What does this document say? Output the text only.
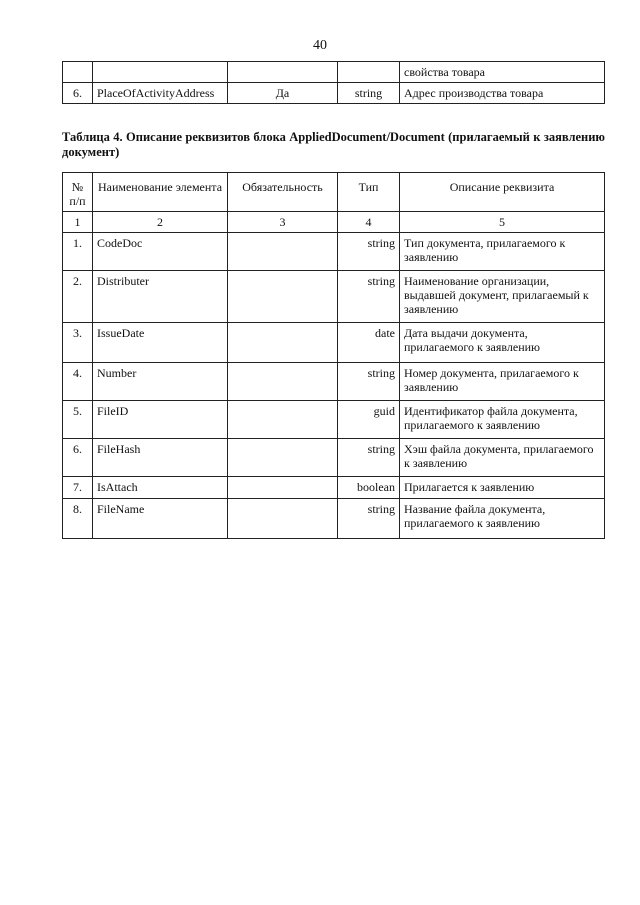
40
				свойства товара
6.	PlaceOfActivityAddress	Да	string	Адрес производства товара
Таблица 4. Описание реквизитов блока AppliedDocument/Document (прилагаемый к заявлению документ)
№ п/п	Наименование элемента	Обязательность	Тип	Описание реквизита
1	2	3	4	5
1.	CodeDoc		string	Тип документа, прилагаемого к заявлению
2.	Distributer		string	Наименование организации, выдавшей документ, прилагаемый к заявлению
3.	IssueDate		date	Дата выдачи документа, прилагаемого к заявлению
4.	Number		string	Номер документа, прилагаемого к заявлению
5.	FileID		guid	Идентификатор файла документа, прилагаемого к заявлению
6.	FileHash		string	Хэш файла документа, прилагаемого к заявлению
7.	IsAttach		boolean	Прилагается к заявлению
8.	FileName		string	Название файла документа, прилагаемого к заявлению
